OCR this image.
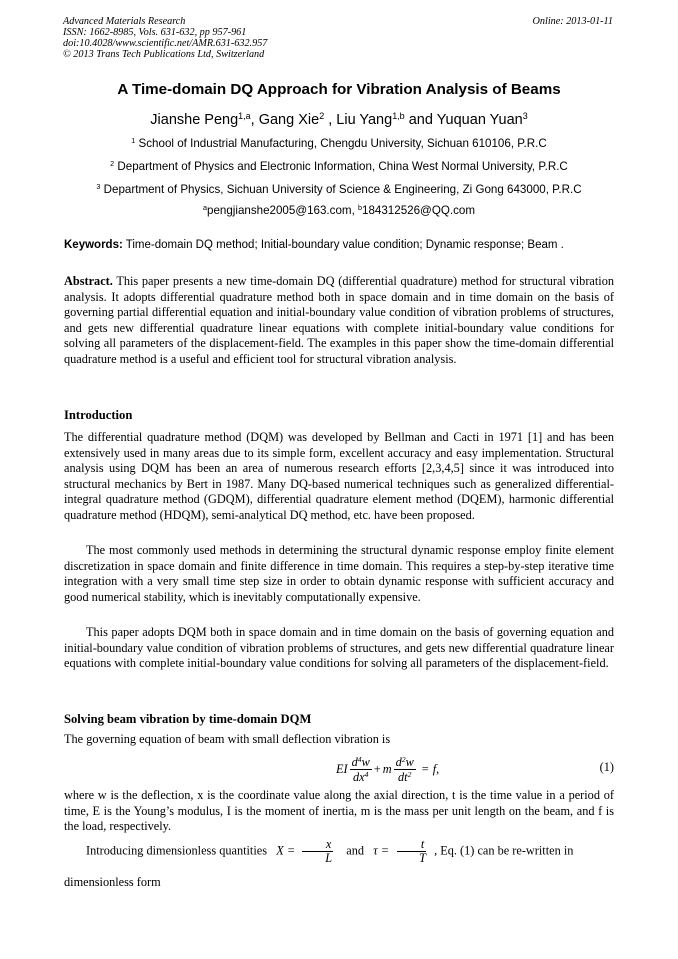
Advanced Materials Research
ISSN: 1662-8985, Vols. 631-632, pp 957-961
doi:10.4028/www.scientific.net/AMR.631-632.957
© 2013 Trans Tech Publications Ltd, Switzerland
Online: 2013-01-11
A Time-domain DQ Approach for Vibration Analysis of Beams
Jianshe Peng$^{1,a}$, Gang Xie$^2$ , Liu Yang$^{1,b}$ and Yuquan Yuan$^3$
$^1$ School of Industrial Manufacturing, Chengdu University, Sichuan 610106, P.R.C
$^2$ Department of Physics and Electronic Information, China West Normal University, P.R.C
$^3$ Department of Physics, Sichuan University of Science & Engineering, Zi Gong 643000, P.R.C
$^a$pengjianshe2005@163.com, $^b$184312526@QQ.com
Keywords: Time-domain DQ method; Initial-boundary value condition; Dynamic response; Beam .
Abstract. This paper presents a new time-domain DQ (differential quadrature) method for structural vibration analysis. It adopts differential quadrature method both in space domain and in time domain on the basis of governing partial differential equation and initial-boundary value condition of vibration problems of structures, and gets new differential quadrature linear equations with complete initial-boundary value conditions for solving all parameters of the displacement-field. The examples in this paper show the time-domain differential quadrature method is a useful and efficient tool for structural vibration analysis.
Introduction
The differential quadrature method (DQM) was developed by Bellman and Cacti in 1971 [1] and has been extensively used in many areas due to its simple form, excellent accuracy and easy implementation. Structural analysis using DQM has been an area of numerous research efforts [2,3,4,5] since it was introduced into structural mechanics by Bert in 1987. Many DQ-based numerical techniques such as generalized differential-integral quadrature method (GDQM), differential quadrature element method (DQEM), harmonic differential quadrature method (HDQM), semi-analytical DQ method, etc. have been proposed.
The most commonly used methods in determining the structural dynamic response employ finite element discretization in space domain and finite difference in time domain. This requires a step-by-step iterative time integration with a very small time step size in order to obtain dynamic response with sufficient accuracy and good numerical stability, which is inevitably computationally expensive.
This paper adopts DQM both in space domain and in time domain on the basis of governing equation and initial-boundary value condition of vibration problems of structures, and gets new differential quadrature linear equations with complete initial-boundary value conditions for solving all parameters of the displacement-field.
Solving beam vibration by time-domain DQM
The governing equation of beam with small deflection vibration is
EI $\frac{d^4w}{dx^4} + m \frac{d^2w}{dt^2} = f$ ,	(1)
where w is the deflection, x is the coordinate value along the axial direction, t is the time value in a period of time, E is the Young’s modulus, I is the moment of inertia, m is the mass per unit length on the beam, and f is the load, respectively.
Introducing dimensionless quantities $X = \frac{x}{L}$ and $\tau = \frac{t}{T}$ , Eq. (1) can be re-written in
dimensionless form
